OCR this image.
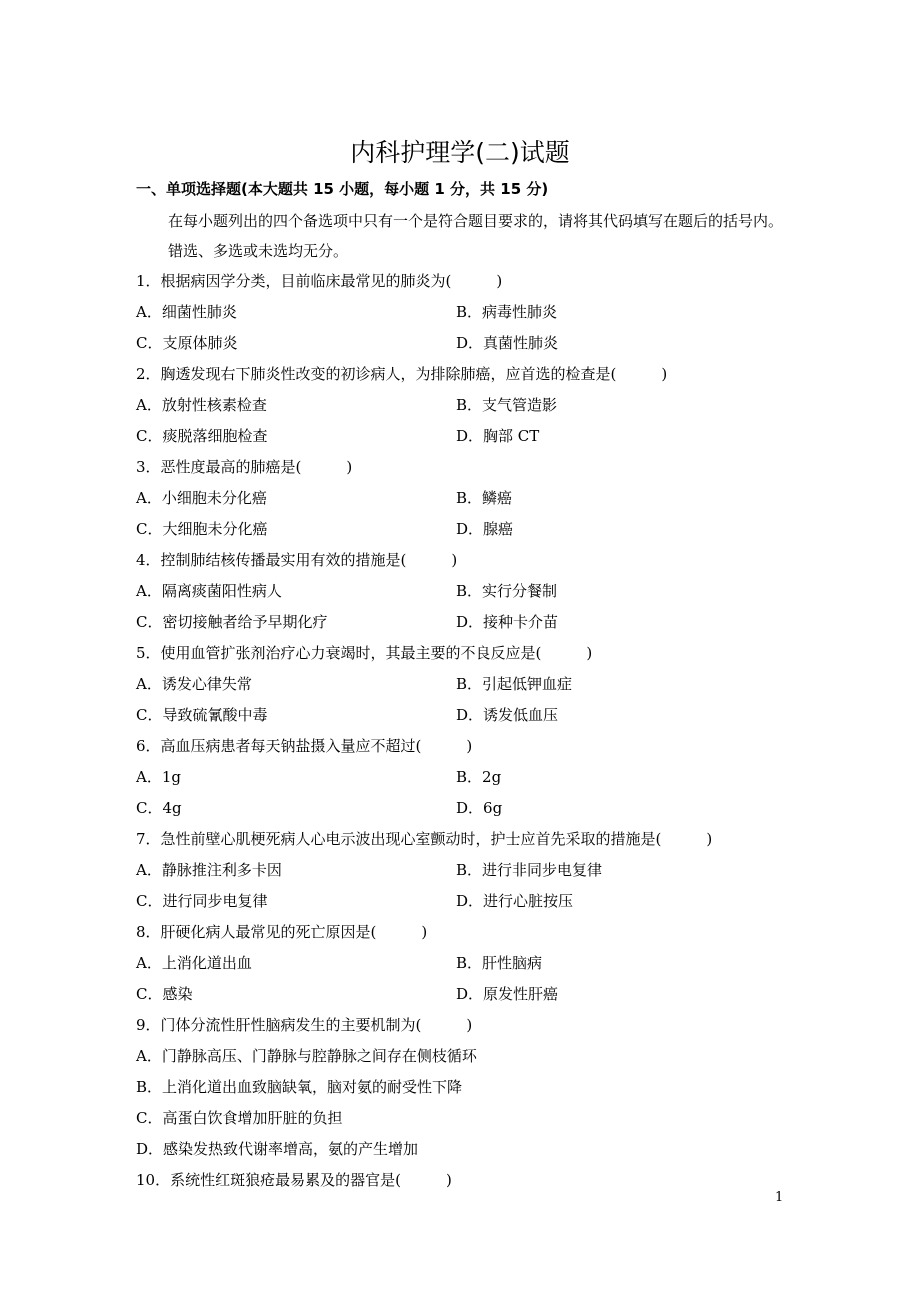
内科护理学(二)试题
一、单项选择题(本大题共 15 小题，每小题 1 分，共 15 分)
在每小题列出的四个备选项中只有一个是符合题目要求的，请将其代码填写在题后的括号内。错选、多选或未选均无分。
1．根据病因学分类，目前临床最常见的肺炎为(　　　)
A．细菌性肺炎	B．病毒性肺炎
C．支原体肺炎	D．真菌性肺炎
2．胸透发现右下肺炎性改变的初诊病人，为排除肺癌，应首选的检查是(　　　)
A．放射性核素检查	B．支气管造影
C．痰脱落细胞检查	D．胸部 CT
3．恶性度最高的肺癌是(　　　)
A．小细胞未分化癌	B．鳞癌
C．大细胞未分化癌	D．腺癌
4．控制肺结核传播最实用有效的措施是(　　　)
A．隔离痰菌阳性病人	B．实行分餐制
C．密切接触者给予早期化疗	D．接种卡介苗
5．使用血管扩张剂治疗心力衰竭时，其最主要的不良反应是(　　　)
A．诱发心律失常	B．引起低钾血症
C．导致硫氰酸中毒	D．诱发低血压
6．高血压病患者每天钠盐摄入量应不超过(　　　)
A．1g	B．2g
C．4g	D．6g
7．急性前壁心肌梗死病人心电示波出现心室颤动时，护士应首先采取的措施是(　　　)
A．静脉推注利多卡因	B．进行非同步电复律
C．进行同步电复律	D．进行心脏按压
8．肝硬化病人最常见的死亡原因是(　　　)
A．上消化道出血	B．肝性脑病
C．感染	D．原发性肝癌
9．门体分流性肝性脑病发生的主要机制为(　　　)
A．门静脉高压、门静脉与腔静脉之间存在侧枝循环
B．上消化道出血致脑缺氧，脑对氨的耐受性下降
C．高蛋白饮食增加肝脏的负担
D．感染发热致代谢率增高，氨的产生增加
10．系统性红斑狼疮最易累及的器官是(　　　)
1
